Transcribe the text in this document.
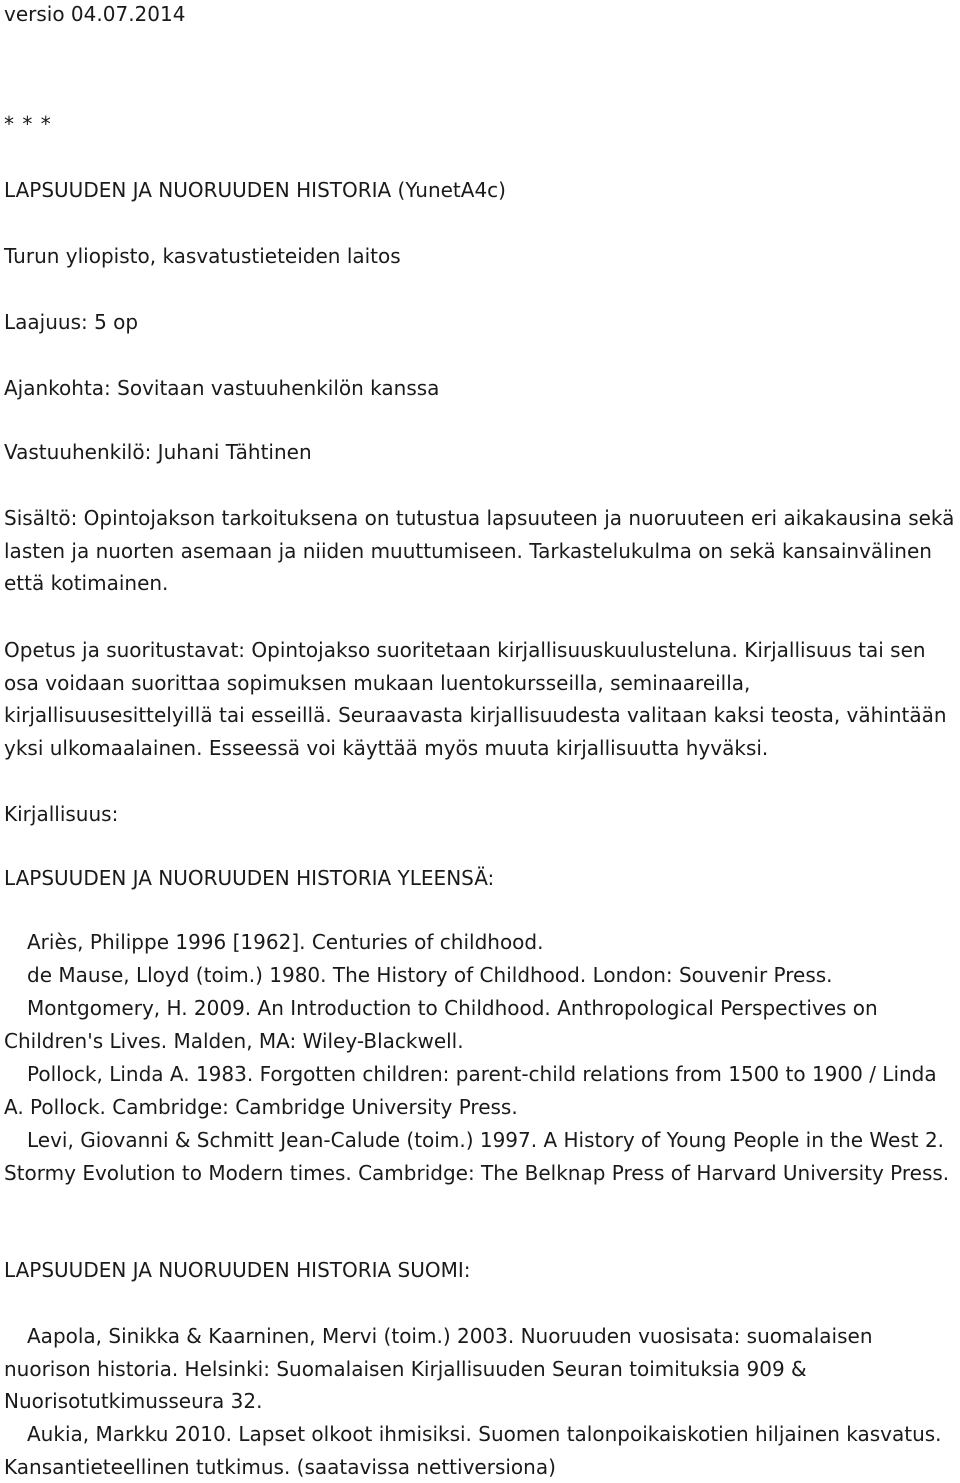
versio 04.07.2014
* * *
LAPSUUDEN JA NUORUUDEN HISTORIA (YunetA4c)
Turun yliopisto, kasvatustieteiden laitos
Laajuus: 5 op
Ajankohta: Sovitaan vastuuhenkilön kanssa
Vastuuhenkilö: Juhani Tähtinen
Sisältö: Opintojakson tarkoituksena on tutustua lapsuuteen ja nuoruuteen eri aikakausina sekä lasten ja nuorten asemaan ja niiden muuttumiseen. Tarkastelukulma on sekä kansainvälinen että kotimainen.
Opetus ja suoritustavat: Opintojakso suoritetaan kirjallisuuskuulusteluna. Kirjallisuus tai sen osa voidaan suorittaa sopimuksen mukaan luentokursseilla, seminaareilla, kirjallisuusesittelyillä tai esseillä. Seuraavasta kirjallisuudesta valitaan kaksi teosta, vähintään yksi ulkomaalainen. Esseessä voi käyttää myös muuta kirjallisuutta hyväksi.
Kirjallisuus:
LAPSUUDEN JA NUORUUDEN HISTORIA YLEENSÄ:
Ariès, Philippe 1996 [1962]. Centuries of childhood.
de Mause, Lloyd (toim.) 1980. The History of Childhood. London: Souvenir Press.
Montgomery, H. 2009. An Introduction to Childhood. Anthropological Perspectives on Children's Lives. Malden, MA: Wiley-Blackwell.
Pollock, Linda A. 1983. Forgotten children: parent-child relations from 1500 to 1900 / Linda A. Pollock. Cambridge: Cambridge University Press.
Levi, Giovanni & Schmitt Jean-Calude (toim.) 1997. A History of Young People in the West 2. Stormy Evolution to Modern times. Cambridge: The Belknap Press of Harvard University Press.
LAPSUUDEN JA NUORUUDEN HISTORIA SUOMI:
Aapola, Sinikka & Kaarninen, Mervi (toim.) 2003. Nuoruuden vuosisata: suomalaisen nuorison historia. Helsinki: Suomalaisen Kirjallisuuden Seuran toimituksia 909 & Nuorisotutkimusseura 32.
Aukia, Markku 2010. Lapset olkoot ihmisiksi. Suomen talonpoikaiskotien hiljainen kasvatus. Kansantieteellinen tutkimus. (saatavissa nettiversiona)
